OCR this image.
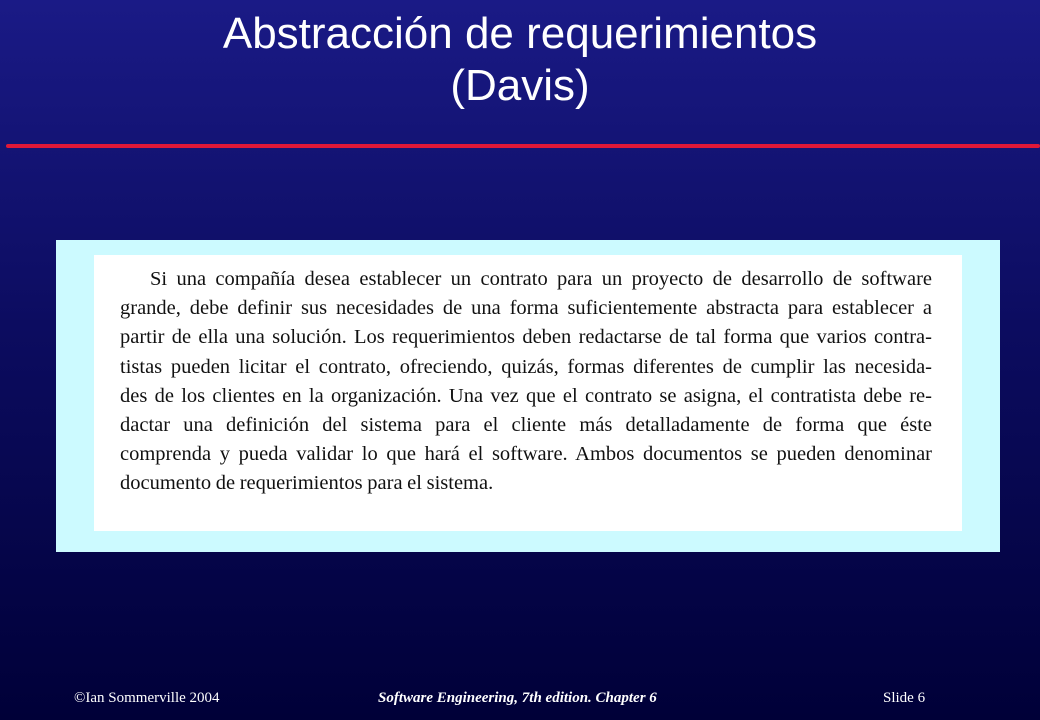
Abstracción de requerimientos
(Davis)
Si una compañía desea establecer un contrato para un proyecto de desarrollo de software
grande, debe definir sus necesidades de una forma suficientemente abstracta para establecer a
partir de ella una solución. Los requerimientos deben redactarse de tal forma que varios contra-
tistas pueden licitar el contrato, ofreciendo, quizás, formas diferentes de cumplir las necesida-
des de los clientes en la organización. Una vez que el contrato se asigna, el contratista debe re-
dactar una definición del sistema para el cliente más detalladamente de forma que éste
comprenda y pueda validar lo que hará el software. Ambos documentos se pueden denominar
documento de requerimientos para el sistema.
©Ian Sommerville 2004	Software Engineering, 7th edition. Chapter 6	Slide 6
